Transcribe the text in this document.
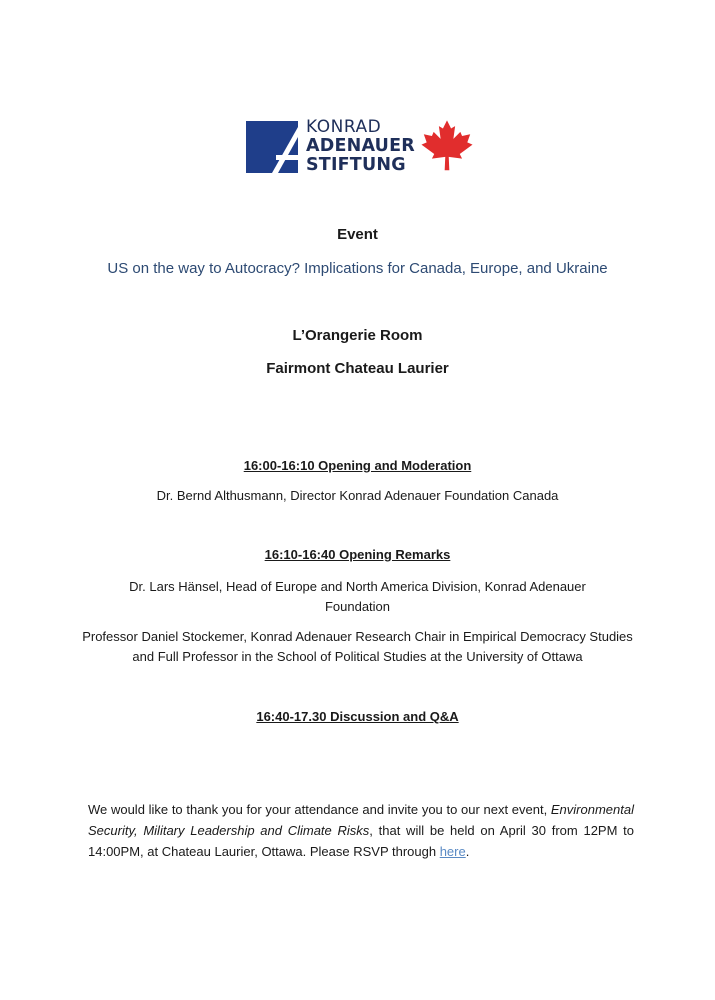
KONRAD
ADENAUER
STIFTUNG
Event
US on the way to Autocracy? Implications for Canada, Europe, and Ukraine
L’Orangerie Room
Fairmont Chateau Laurier
16:00-16:10 Opening and Moderation
Dr. Bernd Althusmann, Director Konrad Adenauer Foundation Canada
16:10-16:40 Opening Remarks
Dr. Lars Hänsel, Head of Europe and North America Division, Konrad Adenauer Foundation
Professor Daniel Stockemer, Konrad Adenauer Research Chair in Empirical Democracy Studies and Full Professor in the School of Political Studies at the University of Ottawa
16:40-17.30 Discussion and Q&A
We would like to thank you for your attendance and invite you to our next event, Environmental Security, Military Leadership and Climate Risks, that will be held on April 30 from 12PM to 14:00PM, at Chateau Laurier, Ottawa. Please RSVP through here.
